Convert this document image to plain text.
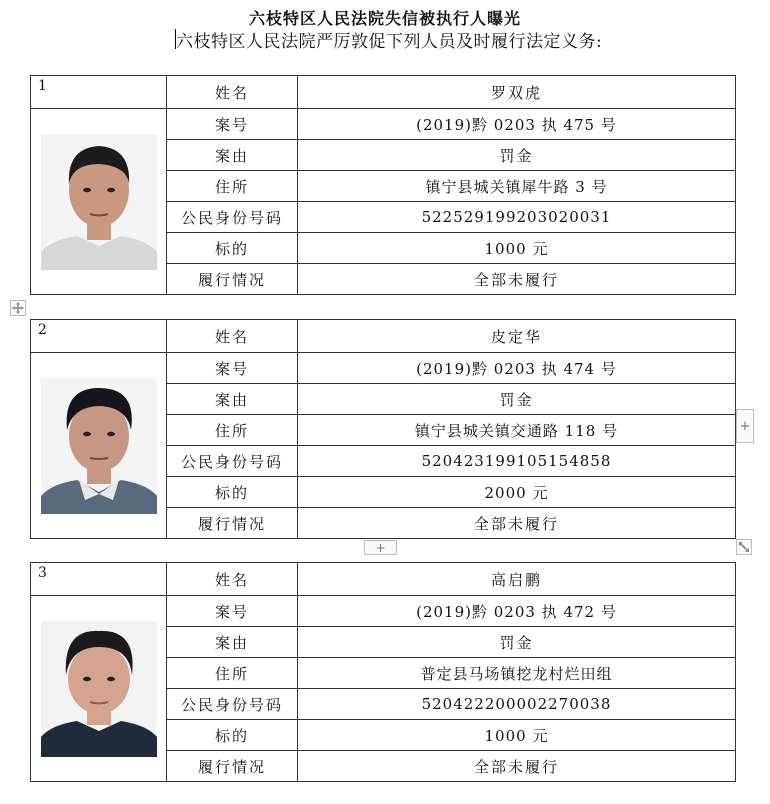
六枝特区人民法院失信被执行人曝光
六枝特区人民法院严厉敦促下列人员及时履行法定义务:
1	姓名	罗双虎

	案号	(2019)黔 0203 执 475 号
	案由	罚金
	住所	镇宁县城关镇犀牛路 3 号
	公民身份号码	522529199203020031
	标的	1000 元
	履行情况	全部未履行
2	姓名	皮定华

	案号	(2019)黔 0203 执 474 号
	案由	罚金
	住所	镇宁县城关镇交通路 118 号
	公民身份号码	520423199105154858
	标的	2000 元
	履行情况	全部未履行
3	姓名	高启鹏

	案号	(2019)黔 0203 执 472 号
	案由	罚金
	住所	普定县马场镇挖龙村烂田组
	公民身份号码	520422200002270038
	标的	1000 元
	履行情况	全部未履行
+
+
